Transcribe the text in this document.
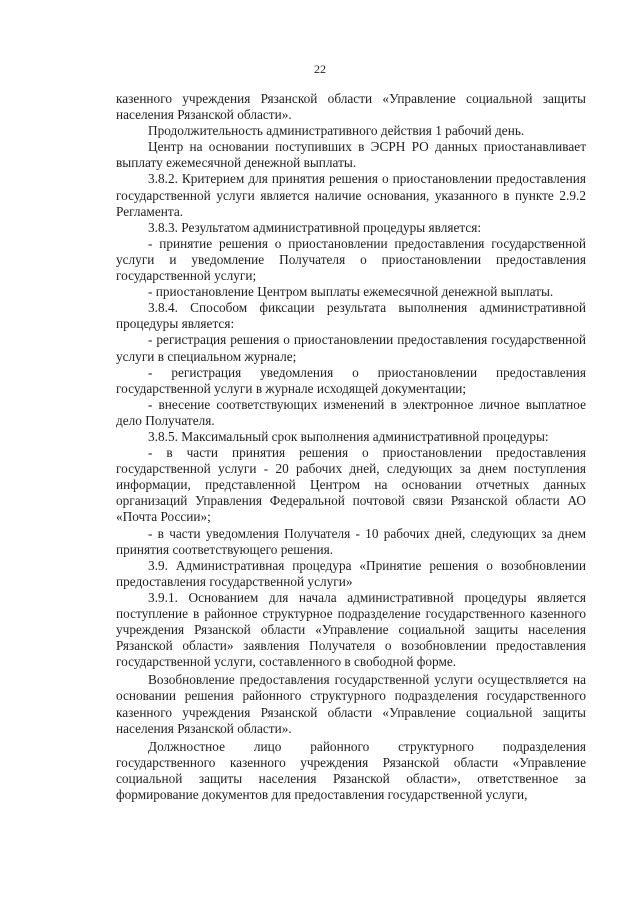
22

казенного учреждения Рязанской области «Управление социальной защиты населения Рязанской области».

Продолжительность административного действия 1 рабочий день.

Центр на основании поступивших в ЭСРН РО данных приостанавливает выплату ежемесячной денежной выплаты.

3.8.2. Критерием для принятия решения о приостановлении предоставления государственной услуги является наличие основания, указанного в пункте 2.9.2 Регламента.

3.8.3. Результатом административной процедуры является:

- принятие решения о приостановлении предоставления государственной услуги и уведомление Получателя о приостановлении предоставления государственной услуги;

- приостановление Центром выплаты ежемесячной денежной выплаты.

3.8.4. Способом фиксации результата выполнения административной процедуры является:

- регистрация решения о приостановлении предоставления государственной услуги в специальном журнале;

- регистрация уведомления о приостановлении предоставления государственной услуги в журнале исходящей документации;

- внесение соответствующих изменений в электронное личное выплатное дело Получателя.

3.8.5. Максимальный срок выполнения административной процедуры:

- в части принятия решения о приостановлении предоставления государственной услуги - 20 рабочих дней, следующих за днем поступления информации, представленной Центром на основании отчетных данных организаций Управления Федеральной почтовой связи Рязанской области АО «Почта России»;

- в части уведомления Получателя - 10 рабочих дней, следующих за днем принятия соответствующего решения.

3.9. Административная процедура «Принятие решения о возобновлении предоставления государственной услуги»

3.9.1. Основанием для начала административной процедуры является поступление в районное структурное подразделение государственного казенного учреждения Рязанской области «Управление социальной защиты населения Рязанской области» заявления Получателя о возобновлении предоставления государственной услуги, составленного в свободной форме.

Возобновление предоставления государственной услуги осуществляется на основании решения районного структурного подразделения государственного казенного учреждения Рязанской области «Управление социальной защиты населения Рязанской области».

Должностное лицо районного структурного подразделения государственного казенного учреждения Рязанской области «Управление социальной защиты населения Рязанской области», ответственное за формирование документов для предоставления государственной услуги,
